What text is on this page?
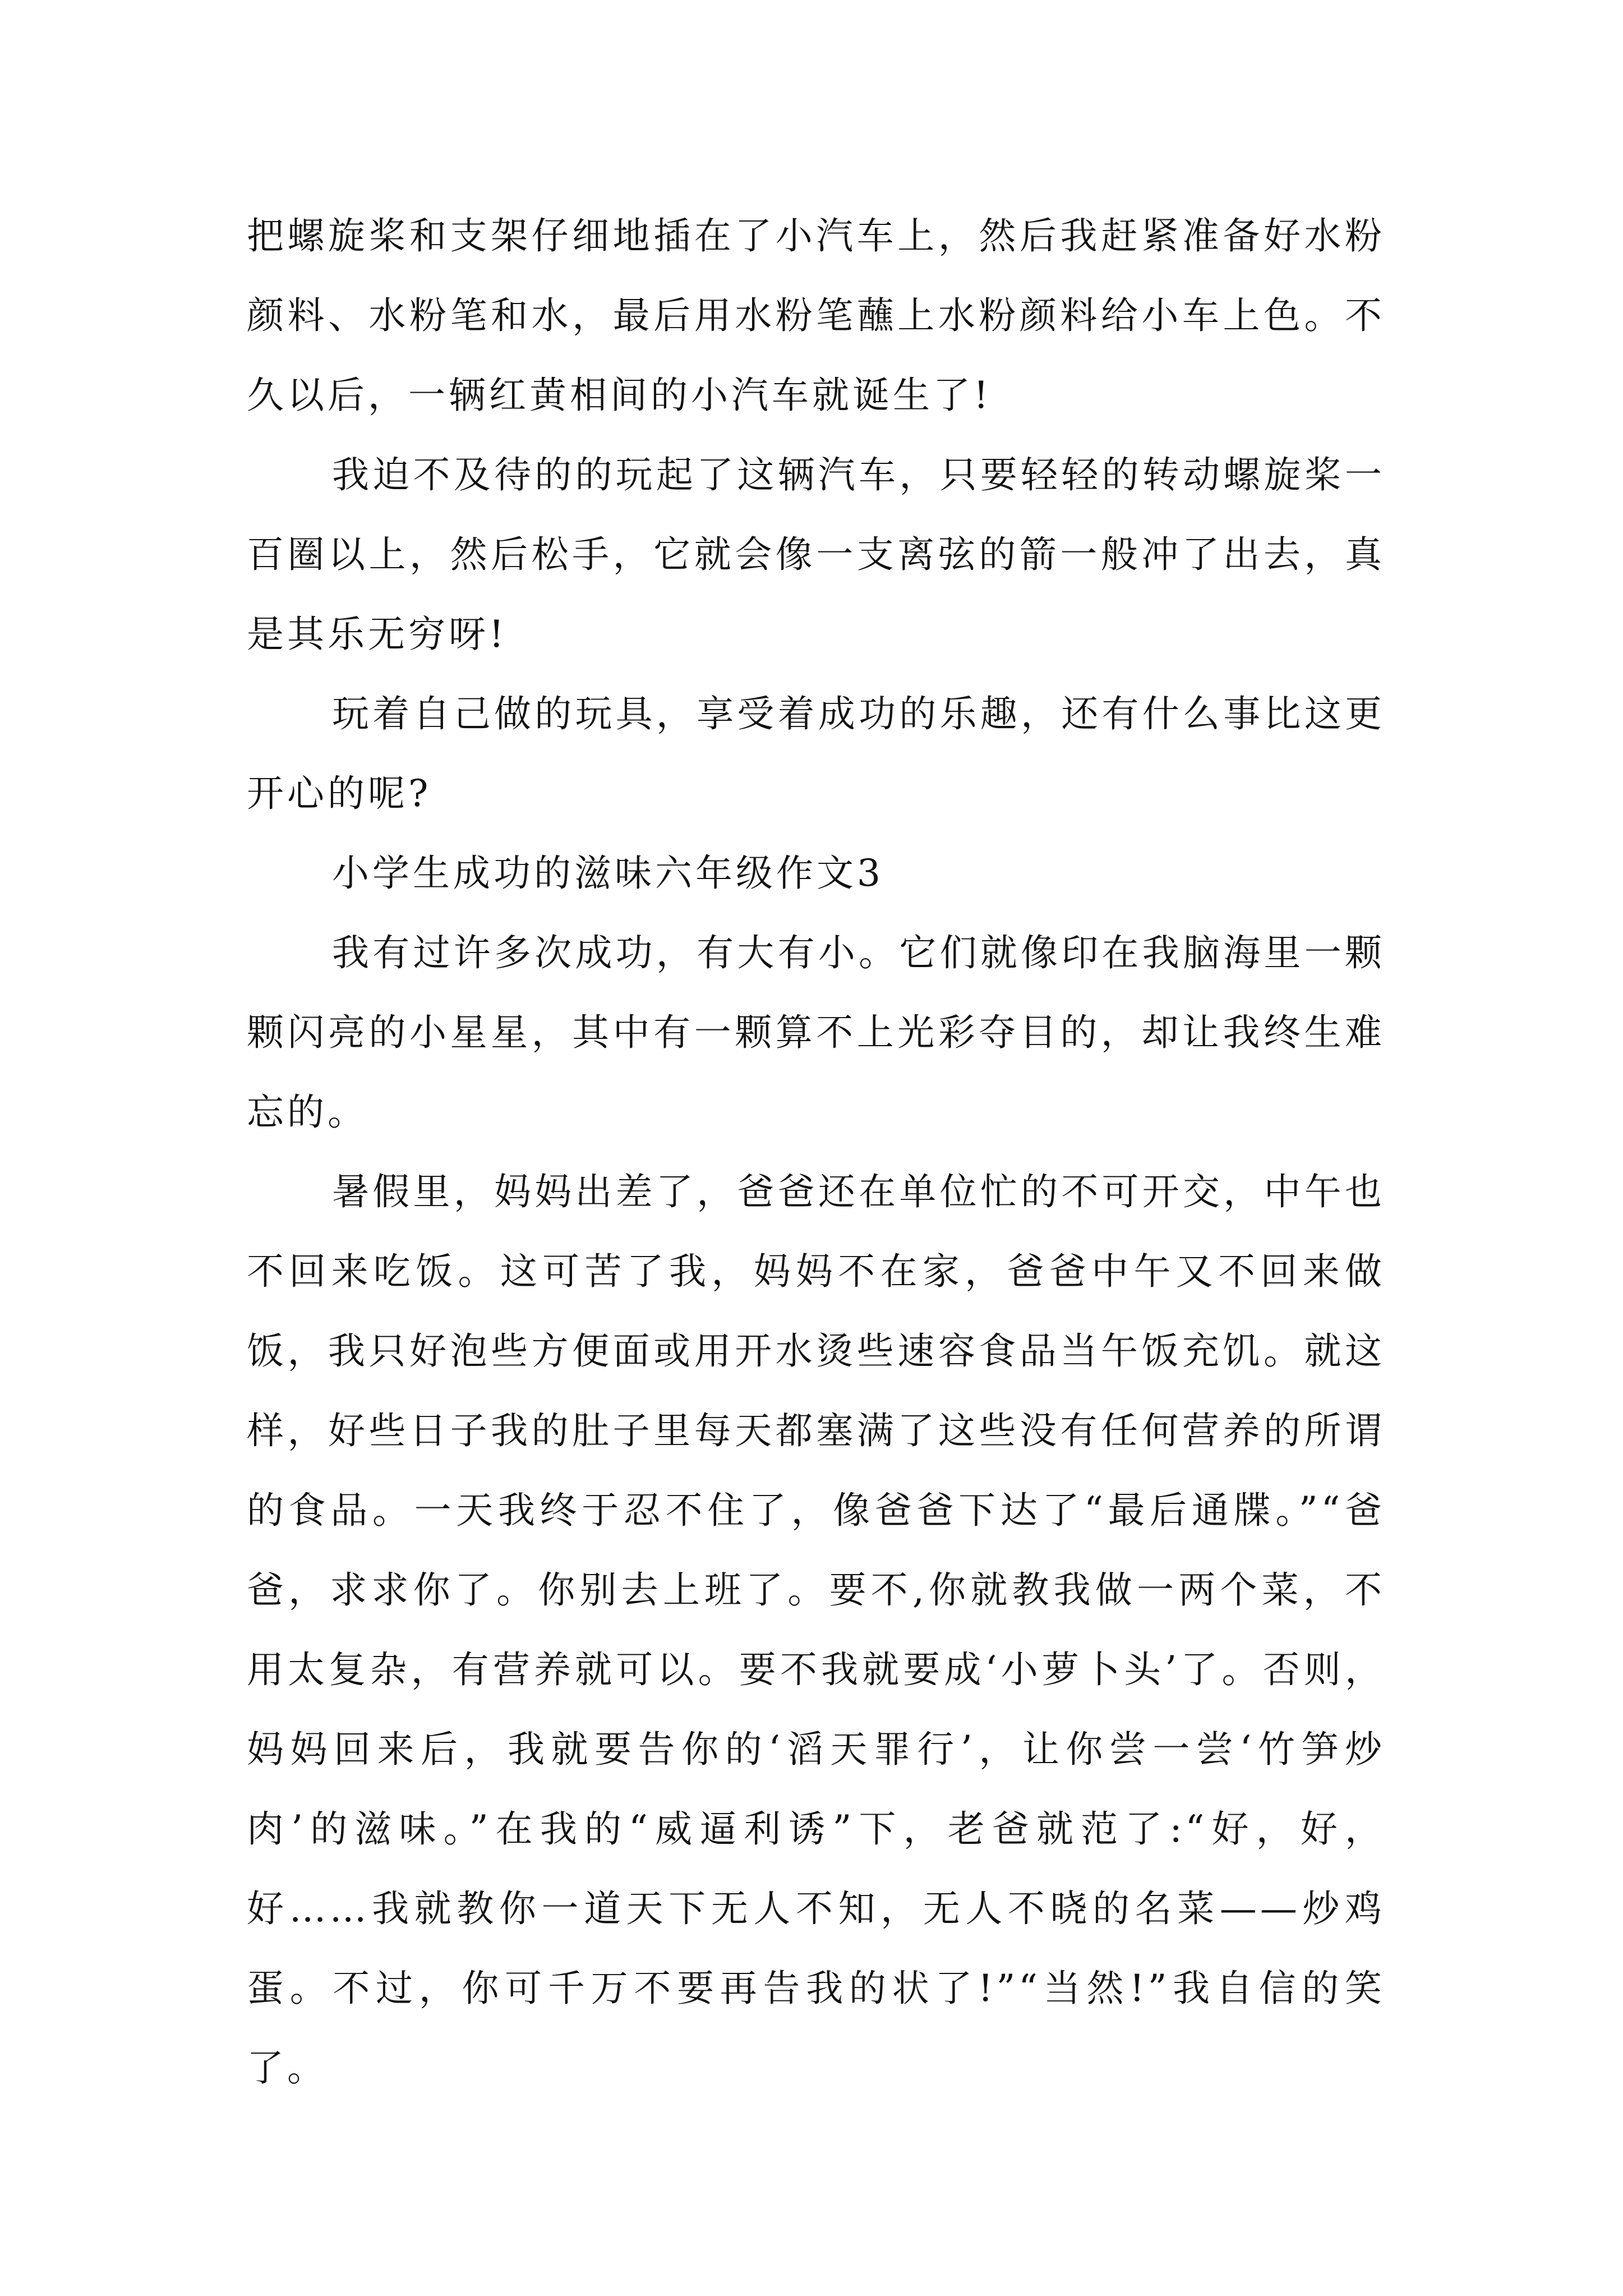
把螺旋桨和支架仔细地插在了小汽车上，然后我赶紧准备好水粉颜料、水粉笔和水，最后用水粉笔蘸上水粉颜料给小车上色。不久以后，一辆红黄相间的小汽车就诞生了!

我迫不及待的的玩起了这辆汽车，只要轻轻的转动螺旋桨一百圈以上，然后松手，它就会像一支离弦的箭一般冲了出去，真是其乐无穷呀!

玩着自己做的玩具，享受着成功的乐趣，还有什么事比这更开心的呢?

小学生成功的滋味六年级作文3

我有过许多次成功，有大有小。它们就像印在我脑海里一颗颗闪亮的小星星，其中有一颗算不上光彩夺目的，却让我终生难忘的。

暑假里，妈妈出差了，爸爸还在单位忙的不可开交，中午也不回来吃饭。这可苦了我，妈妈不在家，爸爸中午又不回来做饭，我只好泡些方便面或用开水烫些速容食品当午饭充饥。就这样，好些日子我的肚子里每天都塞满了这些没有任何营养的所谓的食品。一天我终于忍不住了，像爸爸下达了“最后通牒。”“爸爸，求求你了。你别去上班了。要不,你就教我做一两个菜，不用太复杂，有营养就可以。要不我就要成‘小萝卜头’了。否则，妈妈回来后，我就要告你的‘滔天罪行’，让你尝一尝‘竹笋炒肉’的滋味。”在我的“威逼利诱”下，老爸就范了:“好，好，好……我就教你一道天下无人不知，无人不晓的名菜——炒鸡蛋。不过，你可千万不要再告我的状了!”“当然!”我自信的笑了。
